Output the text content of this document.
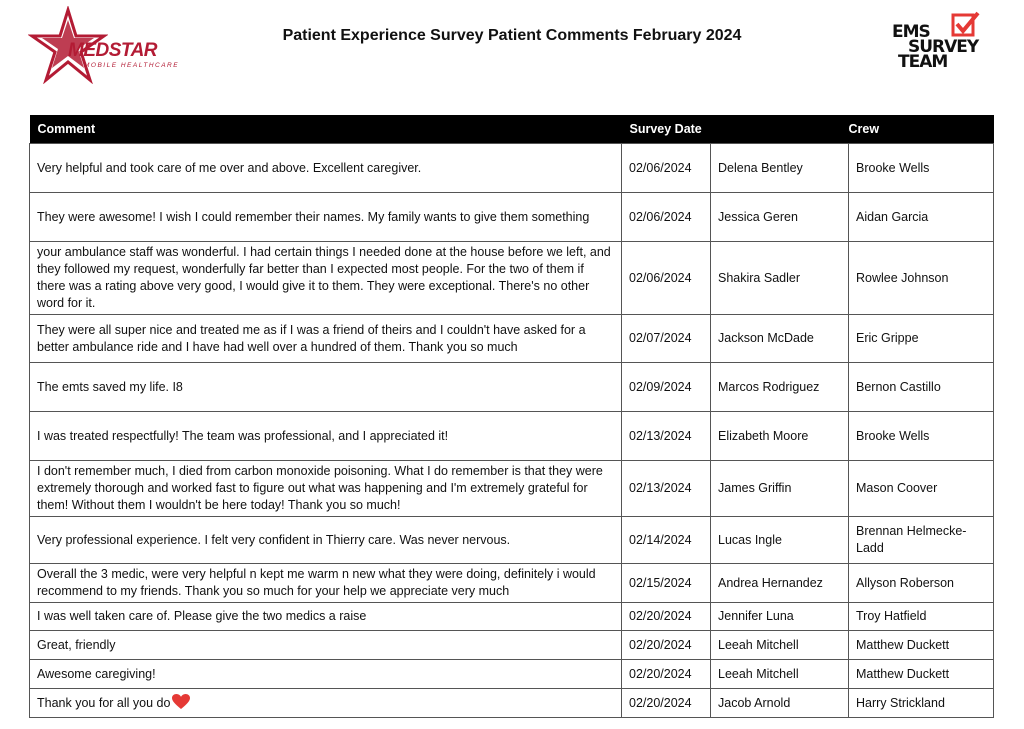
MEDSTAR
MOBILE HEALTHCARE
Patient Experience Survey Patient Comments February 2024	EMS
SURVEY
TEAM
Comment	Survey Date		Crew
Very helpful and took care of me over and above. Excellent caregiver.	02/06/2024	Delena Bentley	Brooke Wells
They were awesome! I wish I could remember their names. My family wants to give them something	02/06/2024	Jessica Geren	Aidan Garcia
your ambulance staff was wonderful. I had certain things I needed done at the house before we left, and they followed my request, wonderfully far better than I expected most people. For the two of them if there was a rating above very good, I would give it to them. They were exceptional. There's no other word for it.	02/06/2024	Shakira Sadler	Rowlee Johnson
They were all super nice and treated me as if I was a friend of theirs and I couldn't have asked for a better ambulance ride and I have had well over a hundred of them. Thank you so much	02/07/2024	Jackson McDade	Eric Grippe
The emts saved my life. I8	02/09/2024	Marcos Rodriguez	Bernon Castillo
I was treated respectfully! The team was professional, and I appreciated it!	02/13/2024	Elizabeth Moore	Brooke Wells
I don't remember much, I died from carbon monoxide poisoning. What I do remember is that they were extremely thorough and worked fast to figure out what was happening and I'm extremely grateful for them! Without them I wouldn't be here today! Thank you so much!	02/13/2024	James Griffin	Mason Coover
Very professional experience. I felt very confident in Thierry care. Was never nervous.	02/14/2024	Lucas Ingle	Brennan Helmecke-Ladd
Overall the 3 medic, were very helpful n kept me warm n new what they were doing, definitely i would recommend to my friends. Thank you so much for your help we appreciate very much	02/15/2024	Andrea Hernandez	Allyson Roberson
I was well taken care of. Please give the two medics a raise	02/20/2024	Jennifer Luna	Troy Hatfield
Great, friendly	02/20/2024	Leeah Mitchell	Matthew Duckett
Awesome caregiving!	02/20/2024	Leeah Mitchell	Matthew Duckett
Thank you for all you do	02/20/2024	Jacob Arnold	Harry Strickland
